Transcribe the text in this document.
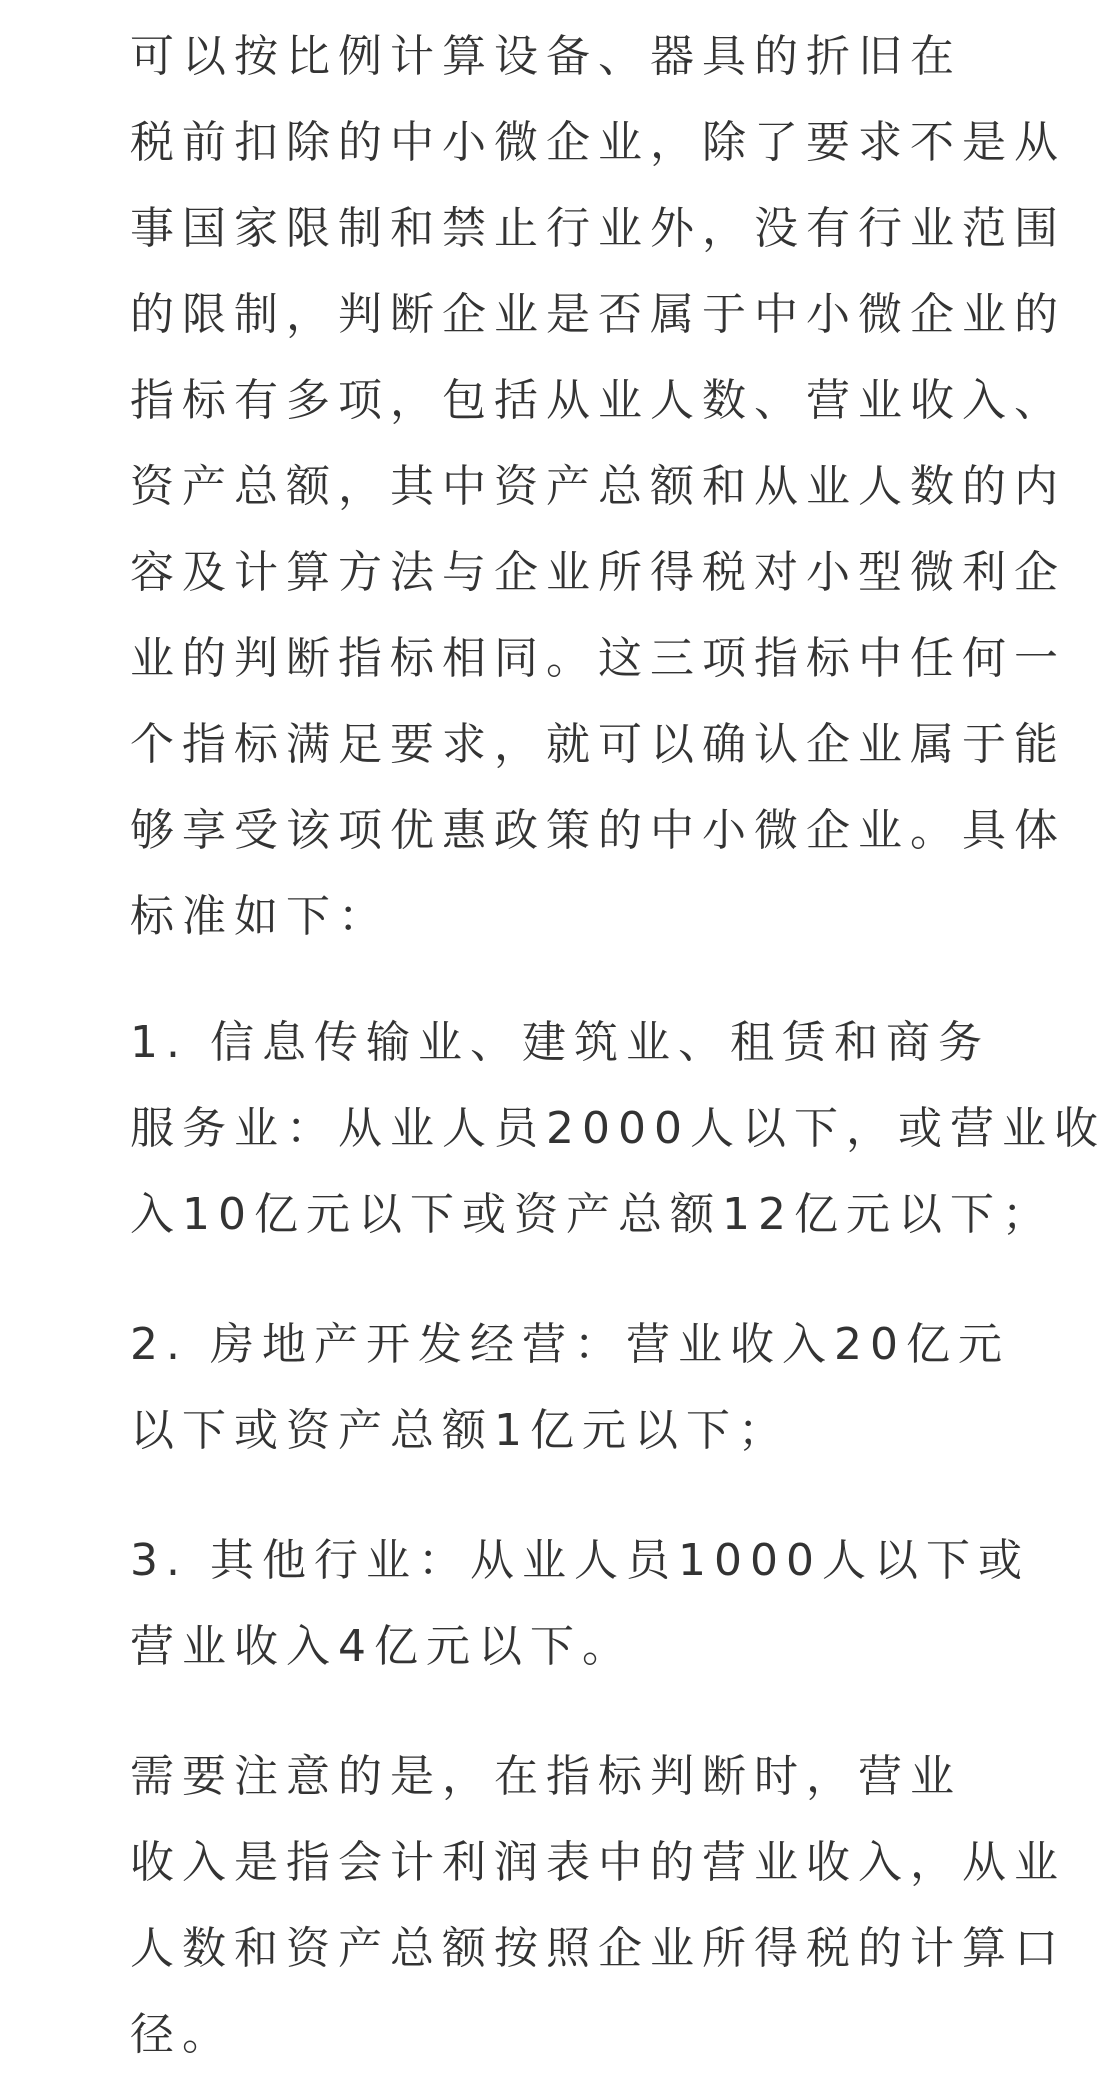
可以按比例计算设备、器具的折旧在
税前扣除的中小微企业，除了要求不是从
事国家限制和禁止行业外，没有行业范围
的限制，判断企业是否属于中小微企业的
指标有多项，包括从业人数、营业收入、
资产总额，其中资产总额和从业人数的内
容及计算方法与企业所得税对小型微利企
业的判断指标相同。这三项指标中任何一
个指标满足要求，就可以确认企业属于能
够享受该项优惠政策的中小微企业。具体
标准如下：
1. 信息传输业、建筑业、租赁和商务
服务业：从业人员2000人以下，或营业收
入10亿元以下或资产总额12亿元以下；
2. 房地产开发经营：营业收入20亿元
以下或资产总额1亿元以下；
3. 其他行业：从业人员1000人以下或
营业收入4亿元以下。
需要注意的是，在指标判断时，营业
收入是指会计利润表中的营业收入，从业
人数和资产总额按照企业所得税的计算口
径。
